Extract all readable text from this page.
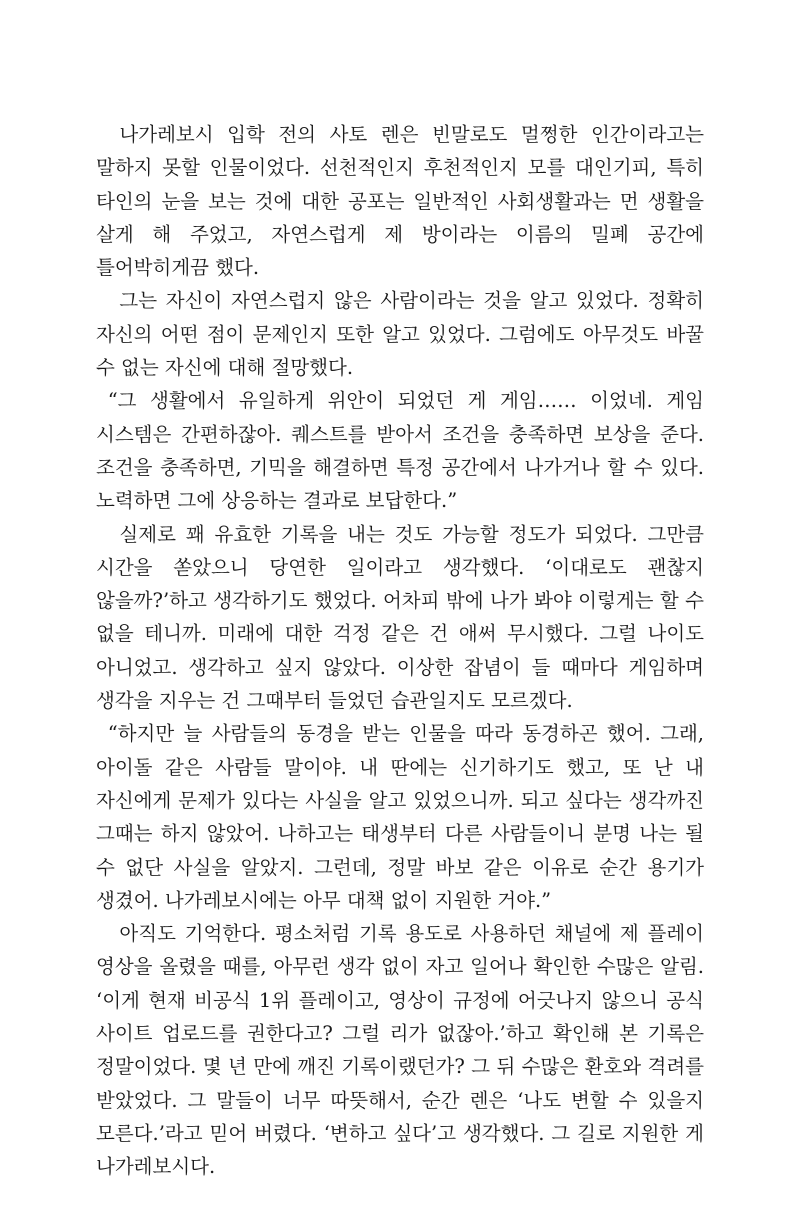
나가레보시 입학 전의 사토 렌은 빈말로도 멀쩡한 인간이라고는 말하지 못할 인물이었다. 선천적인지 후천적인지 모를 대인기피, 특히 타인의 눈을 보는 것에 대한 공포는 일반적인 사회생활과는 먼 생활을 살게 해 주었고, 자연스럽게 제 방이라는 이름의 밀폐 공간에 틀어박히게끔 했다.

그는 자신이 자연스럽지 않은 사람이라는 것을 알고 있었다. 정확히 자신의 어떤 점이 문제인지 또한 알고 있었다. 그럼에도 아무것도 바꿀 수 없는 자신에 대해 절망했다.

“그 생활에서 유일하게 위안이 되었던 게 게임…… 이었네. 게임 시스템은 간편하잖아. 퀘스트를 받아서 조건을 충족하면 보상을 준다. 조건을 충족하면, 기믹을 해결하면 특정 공간에서 나가거나 할 수 있다. 노력하면 그에 상응하는 결과로 보답한다.”

실제로 꽤 유효한 기록을 내는 것도 가능할 정도가 되었다. 그만큼 시간을 쏟았으니 당연한 일이라고 생각했다. ‘이대로도 괜찮지 않을까?’하고 생각하기도 했었다. 어차피 밖에 나가 봐야 이렇게는 할 수 없을 테니까. 미래에 대한 걱정 같은 건 애써 무시했다. 그럴 나이도 아니었고. 생각하고 싶지 않았다. 이상한 잡념이 들 때마다 게임하며 생각을 지우는 건 그때부터 들었던 습관일지도 모르겠다.

“하지만 늘 사람들의 동경을 받는 인물을 따라 동경하곤 했어. 그래, 아이돌 같은 사람들 말이야. 내 딴에는 신기하기도 했고, 또 난 내 자신에게 문제가 있다는 사실을 알고 있었으니까. 되고 싶다는 생각까진 그때는 하지 않았어. 나하고는 태생부터 다른 사람들이니 분명 나는 될 수 없단 사실을 알았지. 그런데, 정말 바보 같은 이유로 순간 용기가 생겼어. 나가레보시에는 아무 대책 없이 지원한 거야.”

아직도 기억한다. 평소처럼 기록 용도로 사용하던 채널에 제 플레이 영상을 올렸을 때를, 아무런 생각 없이 자고 일어나 확인한 수많은 알림. ‘이게 현재 비공식 1위 플레이고, 영상이 규정에 어긋나지 않으니 공식 사이트 업로드를 권한다고? 그럴 리가 없잖아.’하고 확인해 본 기록은 정말이었다. 몇 년 만에 깨진 기록이랬던가? 그 뒤 수많은 환호와 격려를 받았었다. 그 말들이 너무 따뜻해서, 순간 렌은 ‘나도 변할 수 있을지 모른다.’라고 믿어 버렸다. ‘변하고 싶다’고 생각했다. 그 길로 지원한 게 나가레보시다.
